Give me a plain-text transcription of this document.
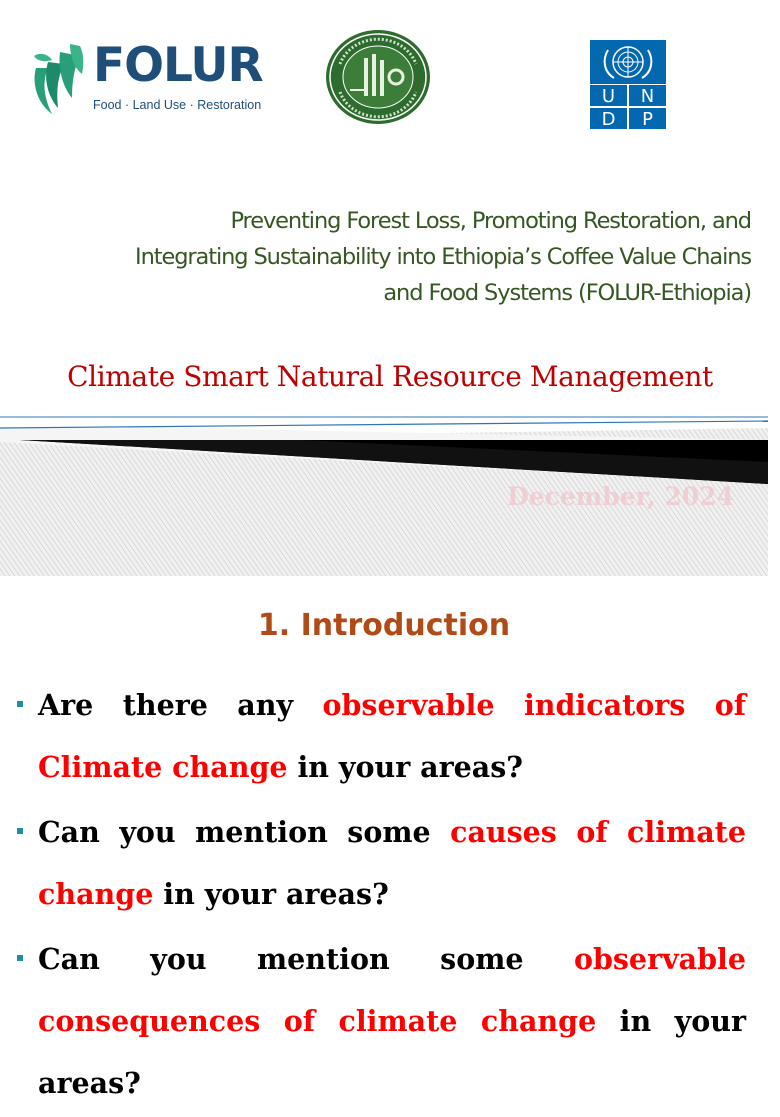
FOLUR
Food · Land Use · Restoration	U N
D P
Preventing Forest Loss, Promoting Restoration, and
Integrating Sustainability into Ethiopia’s Coffee Value Chains
and Food Systems (FOLUR-Ethiopia)
Climate Smart Natural Resource Management
December, 2024
1. Introduction
Are there any observable indicators of Climate change in your areas?
Can you mention some causes of climate change in your areas?
Can you mention some observable consequences of climate change in your areas?
